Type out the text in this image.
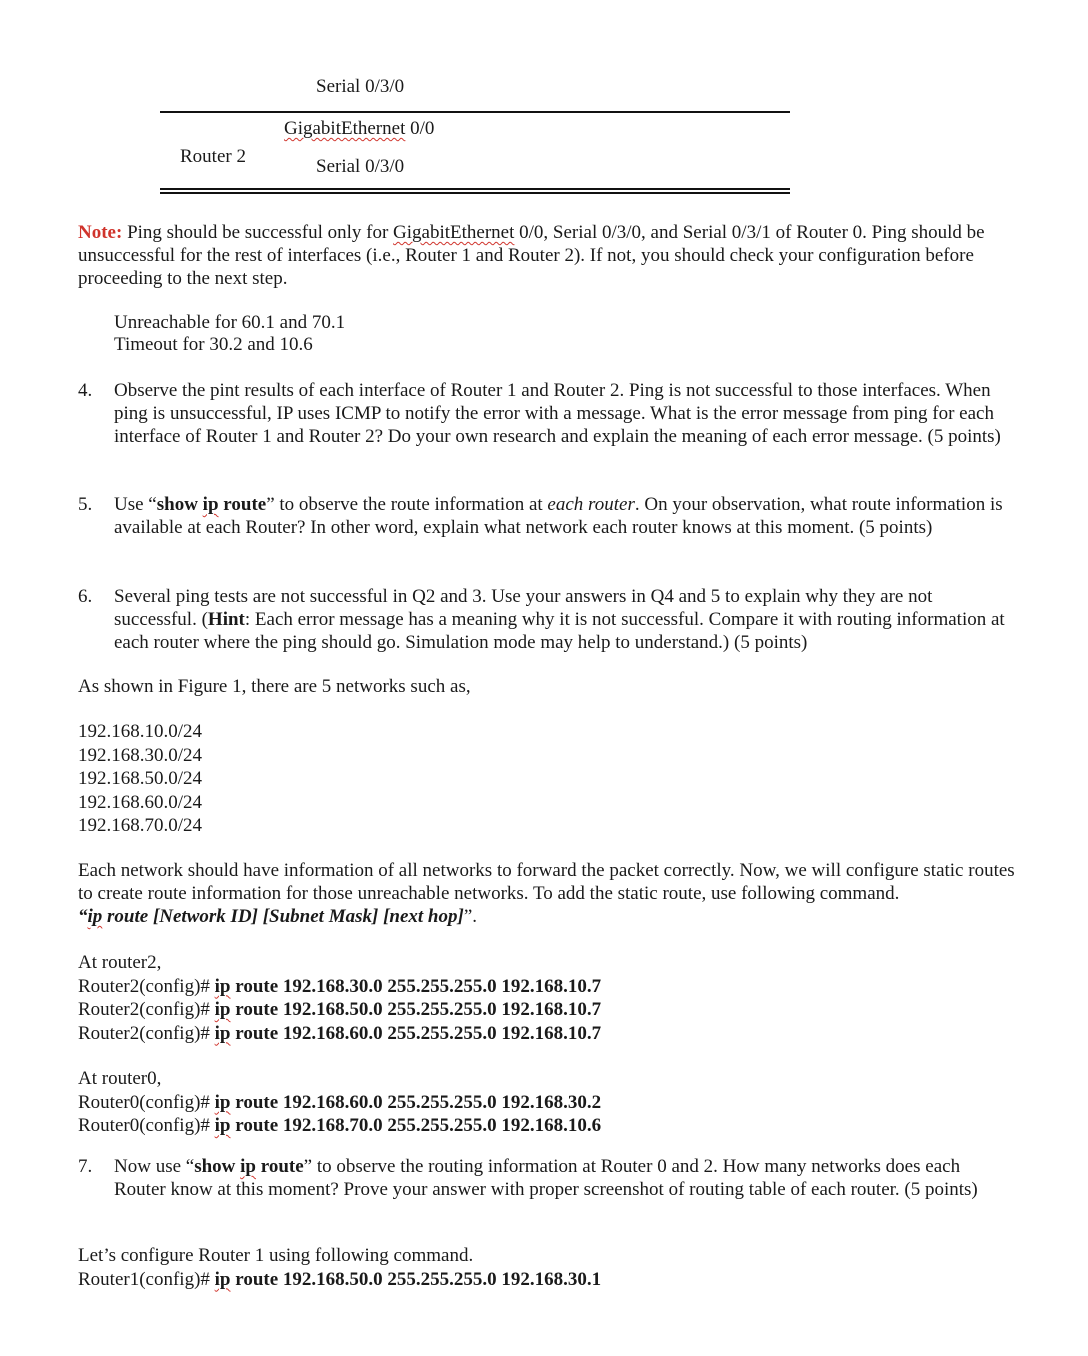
Serial 0/3/0
GigabitEthernet 0/0
Router 2	Serial 0/3/0
Note: Ping should be successful only for GigabitEthernet 0/0, Serial 0/3/0, and Serial 0/3/1 of Router 0. Ping should be unsuccessful for the rest of interfaces (i.e., Router 1 and Router 2). If not, you should check your configuration before proceeding to the next step.
Unreachable for 60.1 and 70.1
Timeout for 30.2 and 10.6
4. Observe the pint results of each interface of Router 1 and Router 2. Ping is not successful to those interfaces. When ping is unsuccessful, IP uses ICMP to notify the error with a message. What is the error message from ping for each interface of Router 1 and Router 2? Do your own research and explain the meaning of each error message. (5 points)
5. Use “show ip route” to observe the route information at each router. On your observation, what route information is available at each Router? In other word, explain what network each router knows at this moment. (5 points)
6. Several ping tests are not successful in Q2 and 3. Use your answers in Q4 and 5 to explain why they are not successful. (Hint: Each error message has a meaning why it is not successful. Compare it with routing information at each router where the ping should go. Simulation mode may help to understand.) (5 points)
As shown in Figure 1, there are 5 networks such as,
192.168.10.0/24
192.168.30.0/24
192.168.50.0/24
192.168.60.0/24
192.168.70.0/24
Each network should have information of all networks to forward the packet correctly. Now, we will configure static routes to create route information for those unreachable networks. To add the static route, use following command.
“ip route [Network ID] [Subnet Mask] [next hop]”.
At router2,
Router2(config)# ip route 192.168.30.0 255.255.255.0 192.168.10.7
Router2(config)# ip route 192.168.50.0 255.255.255.0 192.168.10.7
Router2(config)# ip route 192.168.60.0 255.255.255.0 192.168.10.7
At router0,
Router0(config)# ip route 192.168.60.0 255.255.255.0 192.168.30.2
Router0(config)# ip route 192.168.70.0 255.255.255.0 192.168.10.6
7. Now use “show ip route” to observe the routing information at Router 0 and 2. How many networks does each Router know at this moment? Prove your answer with proper screenshot of routing table of each router. (5 points)
Let’s configure Router 1 using following command.
Router1(config)# ip route 192.168.50.0 255.255.255.0 192.168.30.1
